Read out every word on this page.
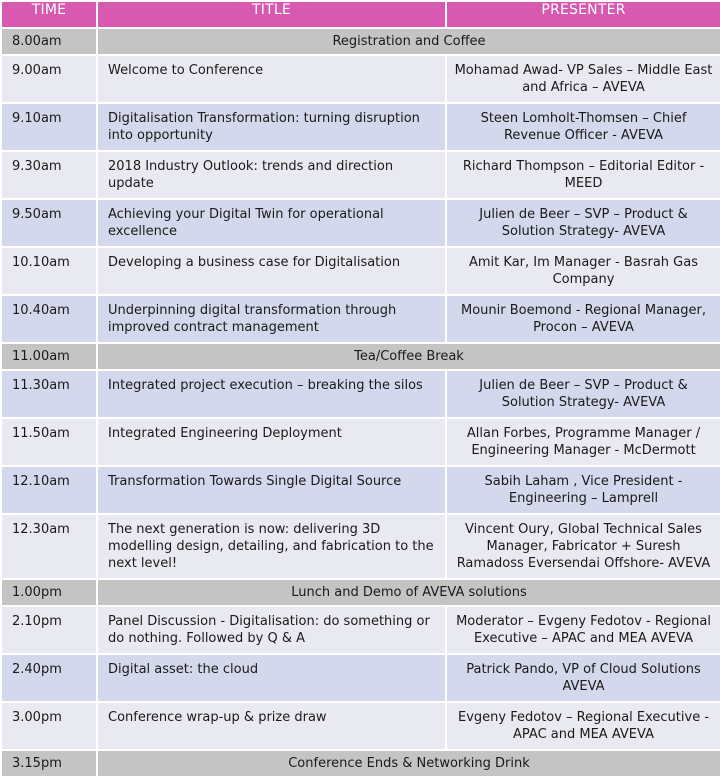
TIME	TITLE	PRESENTER
8.00am	Registration and Coffee	
9.00am	Welcome to Conference	Mohamad Awad- VP Sales – Middle East and Africa – AVEVA
9.10am	Digitalisation Transformation: turning disruption into opportunity	Steen Lomholt-Thomsen – Chief Revenue Officer - AVEVA
9.30am	2018 Industry Outlook: trends and direction update	Richard Thompson – Editorial Editor - MEED
9.50am	Achieving your Digital Twin for operational excellence	Julien de Beer – SVP – Product & Solution Strategy- AVEVA
10.10am	Developing a business case for Digitalisation	Amit Kar, Im Manager - Basrah Gas Company
10.40am	Underpinning digital transformation through improved contract management	Mounir Boemond - Regional Manager, Procon – AVEVA
11.00am	Tea/Coffee Break	
11.30am	Integrated project execution – breaking the silos	Julien de Beer – SVP – Product & Solution Strategy- AVEVA
11.50am	Integrated Engineering Deployment	Allan Forbes, Programme Manager / Engineering Manager - McDermott
12.10am	Transformation Towards Single Digital Source	Sabih Laham , Vice President - Engineering – Lamprell
12.30am	The next generation is now: delivering 3D modelling design, detailing, and fabrication to the next level!	Vincent Oury, Global Technical Sales Manager, Fabricator + Suresh Ramadoss Eversendai Offshore- AVEVA
1.00pm	Lunch and Demo of AVEVA solutions	
2.10pm	Panel Discussion - Digitalisation: do something or do nothing. Followed by Q & A	Moderator – Evgeny Fedotov - Regional Executive – APAC and MEA AVEVA
2.40pm	Digital asset: the cloud	Patrick Pando, VP of Cloud Solutions AVEVA
3.00pm	Conference wrap-up & prize draw	Evgeny Fedotov – Regional Executive - APAC and MEA AVEVA
3.15pm	Conference Ends & Networking Drink	
